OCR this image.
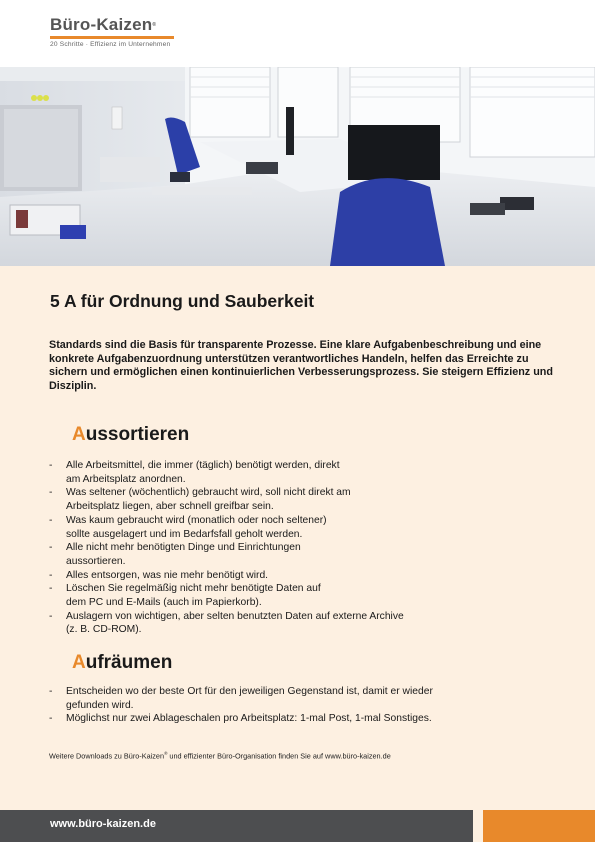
Büro-Kaizen®
20 Schritte · Effizienz im Unternehmen
5 A für Ordnung und Sauberkeit

Standards sind die Basis für transparente Prozesse. Eine klare Aufgabenbeschreibung und eine konkrete Aufgabenzuordnung unterstützen verantwortliches Handeln, helfen das Erreichte zu sichern und ermöglichen einen kontinuierlichen Verbesserungsprozess. Sie steigern Effizienz und Disziplin.

Aussortieren
- Alle Arbeitsmittel, die immer (täglich) benötigt werden, direkt
am Arbeitsplatz anordnen.
- Was seltener (wöchentlich) gebraucht wird, soll nicht direkt am
Arbeitsplatz liegen, aber schnell greifbar sein.
- Was kaum gebraucht wird (monatlich oder noch seltener)
sollte ausgelagert und im Bedarfsfall geholt werden.
- Alle nicht mehr benötigten Dinge und Einrichtungen
aussortieren.
- Alles entsorgen, was nie mehr benötigt wird.
- Löschen Sie regelmäßig nicht mehr benötigte Daten auf
dem PC und E-Mails (auch im Papierkorb).
- Auslagern von wichtigen, aber selten benutzten Daten auf externe Archive
(z. B. CD-ROM).
Aufräumen
- Entscheiden wo der beste Ort für den jeweiligen Gegenstand ist, damit er wieder
gefunden wird.
- Möglichst nur zwei Ablageschalen pro Arbeitsplatz: 1-mal Post, 1-mal Sonstiges.
Weitere Downloads zu Büro-Kaizen® und effizienter Büro-Organisation finden Sie auf www.büro-kaizen.de
www.büro-kaizen.de
